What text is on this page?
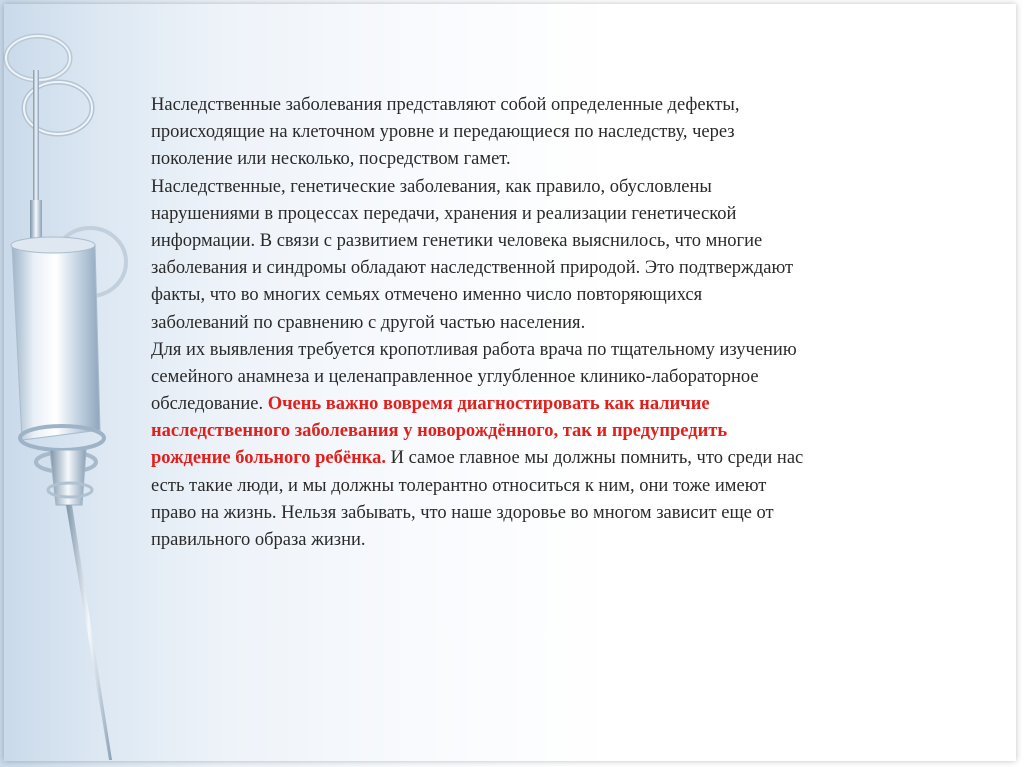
Наследственные заболевания представляют собой определенные дефекты,
происходящие на клеточном уровне и передающиеся по наследству, через
поколение или несколько, посредством гамет.
Наследственные, генетические заболевания, как правило, обусловлены
нарушениями в процессах передачи, хранения и реализации генетической
информации. В связи с развитием генетики человека выяснилось, что многие
заболевания и синдромы обладают наследственной природой. Это подтверждают
факты, что во многих семьях отмечено именно число повторяющихся
заболеваний по сравнению с другой частью населения.
Для их выявления требуется кропотливая работа врача по тщательному изучению
семейного анамнеза и целенаправленное углубленное клинико-лабораторное
обследование. Очень важно вовремя диагностировать как наличие
наследственного заболевания у новорождённого, так и предупредить
рождение больного ребёнка. И самое главное мы должны помнить, что среди нас
есть такие люди, и мы должны толерантно относиться к ним, они тоже имеют
право на жизнь. Нельзя забывать, что наше здоровье во многом зависит еще от
правильного образа жизни.
